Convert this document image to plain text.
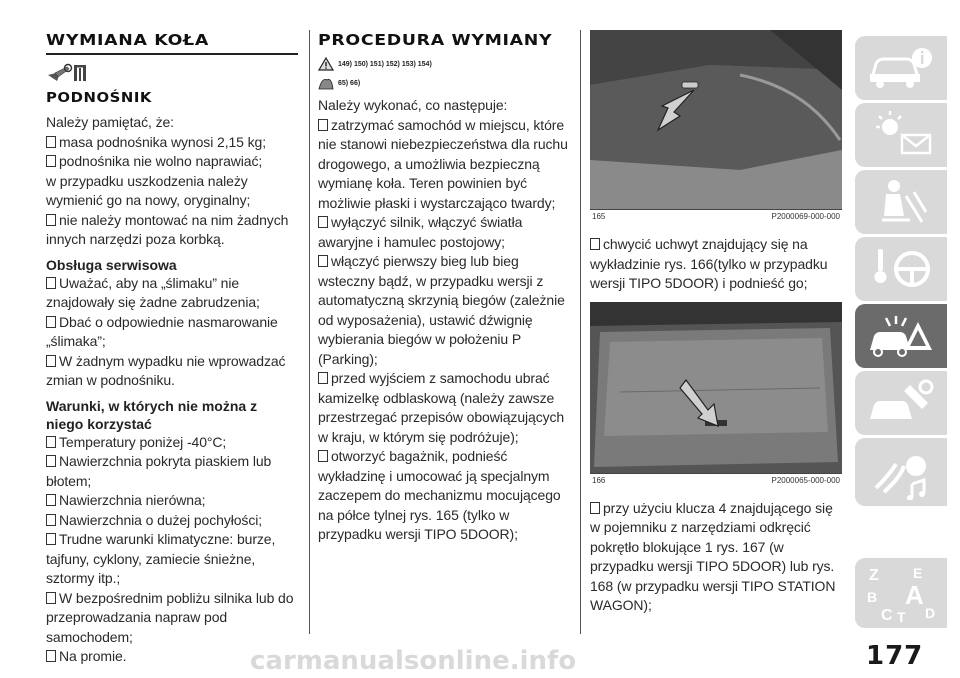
WYMIANA KOŁA
PODNOŚNIK

Należy pamiętać, że:

masa podnośnika wynosi 2,15 kg;

podnośnika nie wolno naprawiać;

w przypadku uszkodzenia należy wymienić go na nowy, oryginalny;

nie należy montować na nim żadnych innych narzędzi poza korbką.

Obsługa serwisowa

Uważać, aby na „ślimaku” nie znajdowały się żadne zabrudzenia;

Dbać o odpowiednie nasmarowanie „ślimaka”;

W żadnym wypadku nie wprowadzać zmian w podnośniku.

Warunki, w których nie można z niego korzystać

Temperatury poniżej -40°C;

Nawierzchnia pokryta piaskiem lub błotem;

Nawierzchnia nierówna;

Nawierzchnia o dużej pochyłości;

Trudne warunki klimatyczne: burze, tajfuny, cyklony, zamiecie śnieżne, sztormy itp.;

W bezpośrednim pobliżu silnika lub do przeprowadzania napraw pod samochodem;

Na promie.

PROCEDURA WYMIANY
149) 150) 151) 152) 153) 154)
65) 66)

Należy wykonać, co następuje:

zatrzymać samochód w miejscu, które nie stanowi niebezpieczeństwa dla ruchu drogowego, a umożliwia bezpieczną wymianę koła. Teren powinien być możliwie płaski i wystarczająco twardy;

wyłączyć silnik, włączyć światła awaryjne i hamulec postojowy;

włączyć pierwszy bieg lub bieg wsteczny bądź, w przypadku wersji z automatyczną skrzynią biegów (zależnie od wyposażenia), ustawić dźwignię wybierania biegów w położeniu P (Parking);

przed wyjściem z samochodu ubrać kamizelkę odblaskową (należy zawsze przestrzegać przepisów obowiązujących w kraju, w którym się podróżuje);

otworzyć bagażnik, podnieść wykładzinę i umocować ją specjalnym zaczepem do mechanizmu mocującego na półce tylnej rys. 165 (tylko w przypadku wersji TIPO 5DOOR);

165	P2000069-000-000

chwycić uchwyt znajdujący się na wykładzinie rys. 166(tylko w przypadku wersji TIPO 5DOOR) i podnieść go;

166	P2000065-000-000

przy użyciu klucza 4 znajdującego się w pojemniku z narzędziami odkręcić pokrętło blokujące 1 rys. 167 (w przypadku wersji TIPO 5DOOR) lub rys. 168 (w przypadku wersji TIPO STATION WAGON);

Z E
B A
C T D
carmanualsonline.info	177
